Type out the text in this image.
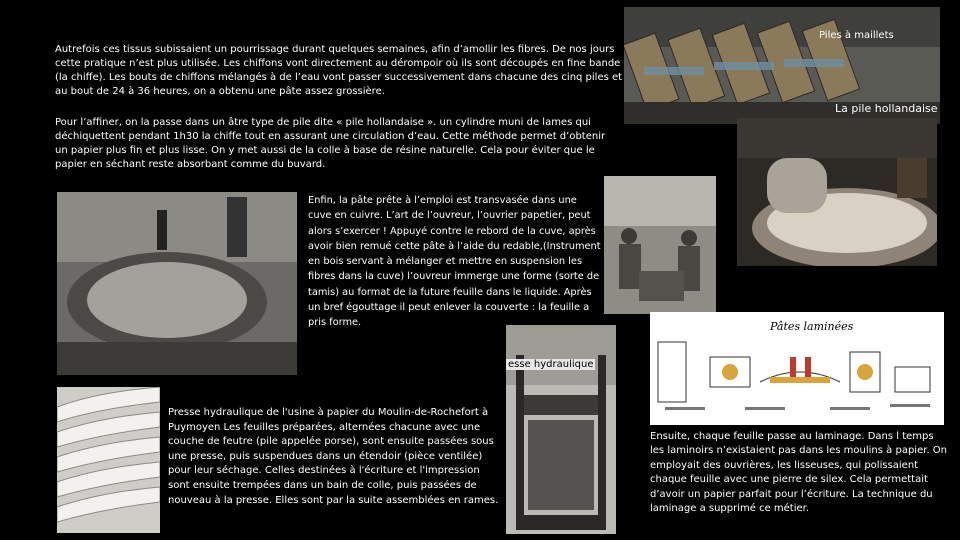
Autrefois ces tissus subissaient un pourrissage durant quelques semaines, afin d’amollir les fibres. De nos jours cette pratique n’est plus utilisée. Les chiffons vont directement au dérompoir où ils sont découpés en fine bande (la chiffe). Les bouts de chiffons mélangés à de l’eau vont passer successivement dans chacune des cinq piles et au bout de 24 à 36 heures, on a obtenu une pâte assez grossière.
Pour l’affiner, on la passe dans un âtre type de pile dite « pile hollandaise ». un cylindre muni de lames qui déchiquettent pendant 1h30 la chiffe tout en assurant une circulation d’eau. Cette méthode permet d’obtenir un papier plus fin et plus lisse. On y met aussi de la colle à base de résine naturelle. Cela pour éviter que le papier en séchant reste absorbant comme du buvard.
Enfin, la pâte prête à l’emploi est transvasée dans une cuve en cuivre. L’art de l’ouvreur, l’ouvrier papetier, peut alors s’exercer ! Appuyé contre le rebord de la cuve, après avoir bien remué cette pâte à l’aide du redable,(Instrument en bois servant à mélanger et mettre en suspension les fibres dans la cuve) l’ouvreur immerge une forme (sorte de tamis) au format de la future feuille dans le liquide. Après un bref égouttage il peut enlever la couverte : la feuille a pris forme.
Presse hydraulique de l'usine à papier du Moulin-de-Rochefort à Puymoyen Les feuilles préparées, alternées chacune avec une couche de feutre (pile appelée porse), sont ensuite passées sous une presse, puis suspendues dans un étendoir (pièce ventilée) pour leur séchage. Celles destinées à l'écriture et l'impression sont ensuite trempées dans un bain de colle, puis passées de nouveau à la presse. Elles sont par la suite assemblées en rames.
Ensuite, chaque feuille passe au laminage. Dans l temps les laminoirs n’existaient pas dans les moulins à papier. On employait des ouvrières, les lisseuses, qui polissaient chaque feuille avec une pierre de silex. Cela permettait d’avoir un papier parfait pour l’écriture. La technique du laminage a supprimé ce métier.
Piles à maillets
La pile hollandaise
esse hydraulique
Pâtes laminées
